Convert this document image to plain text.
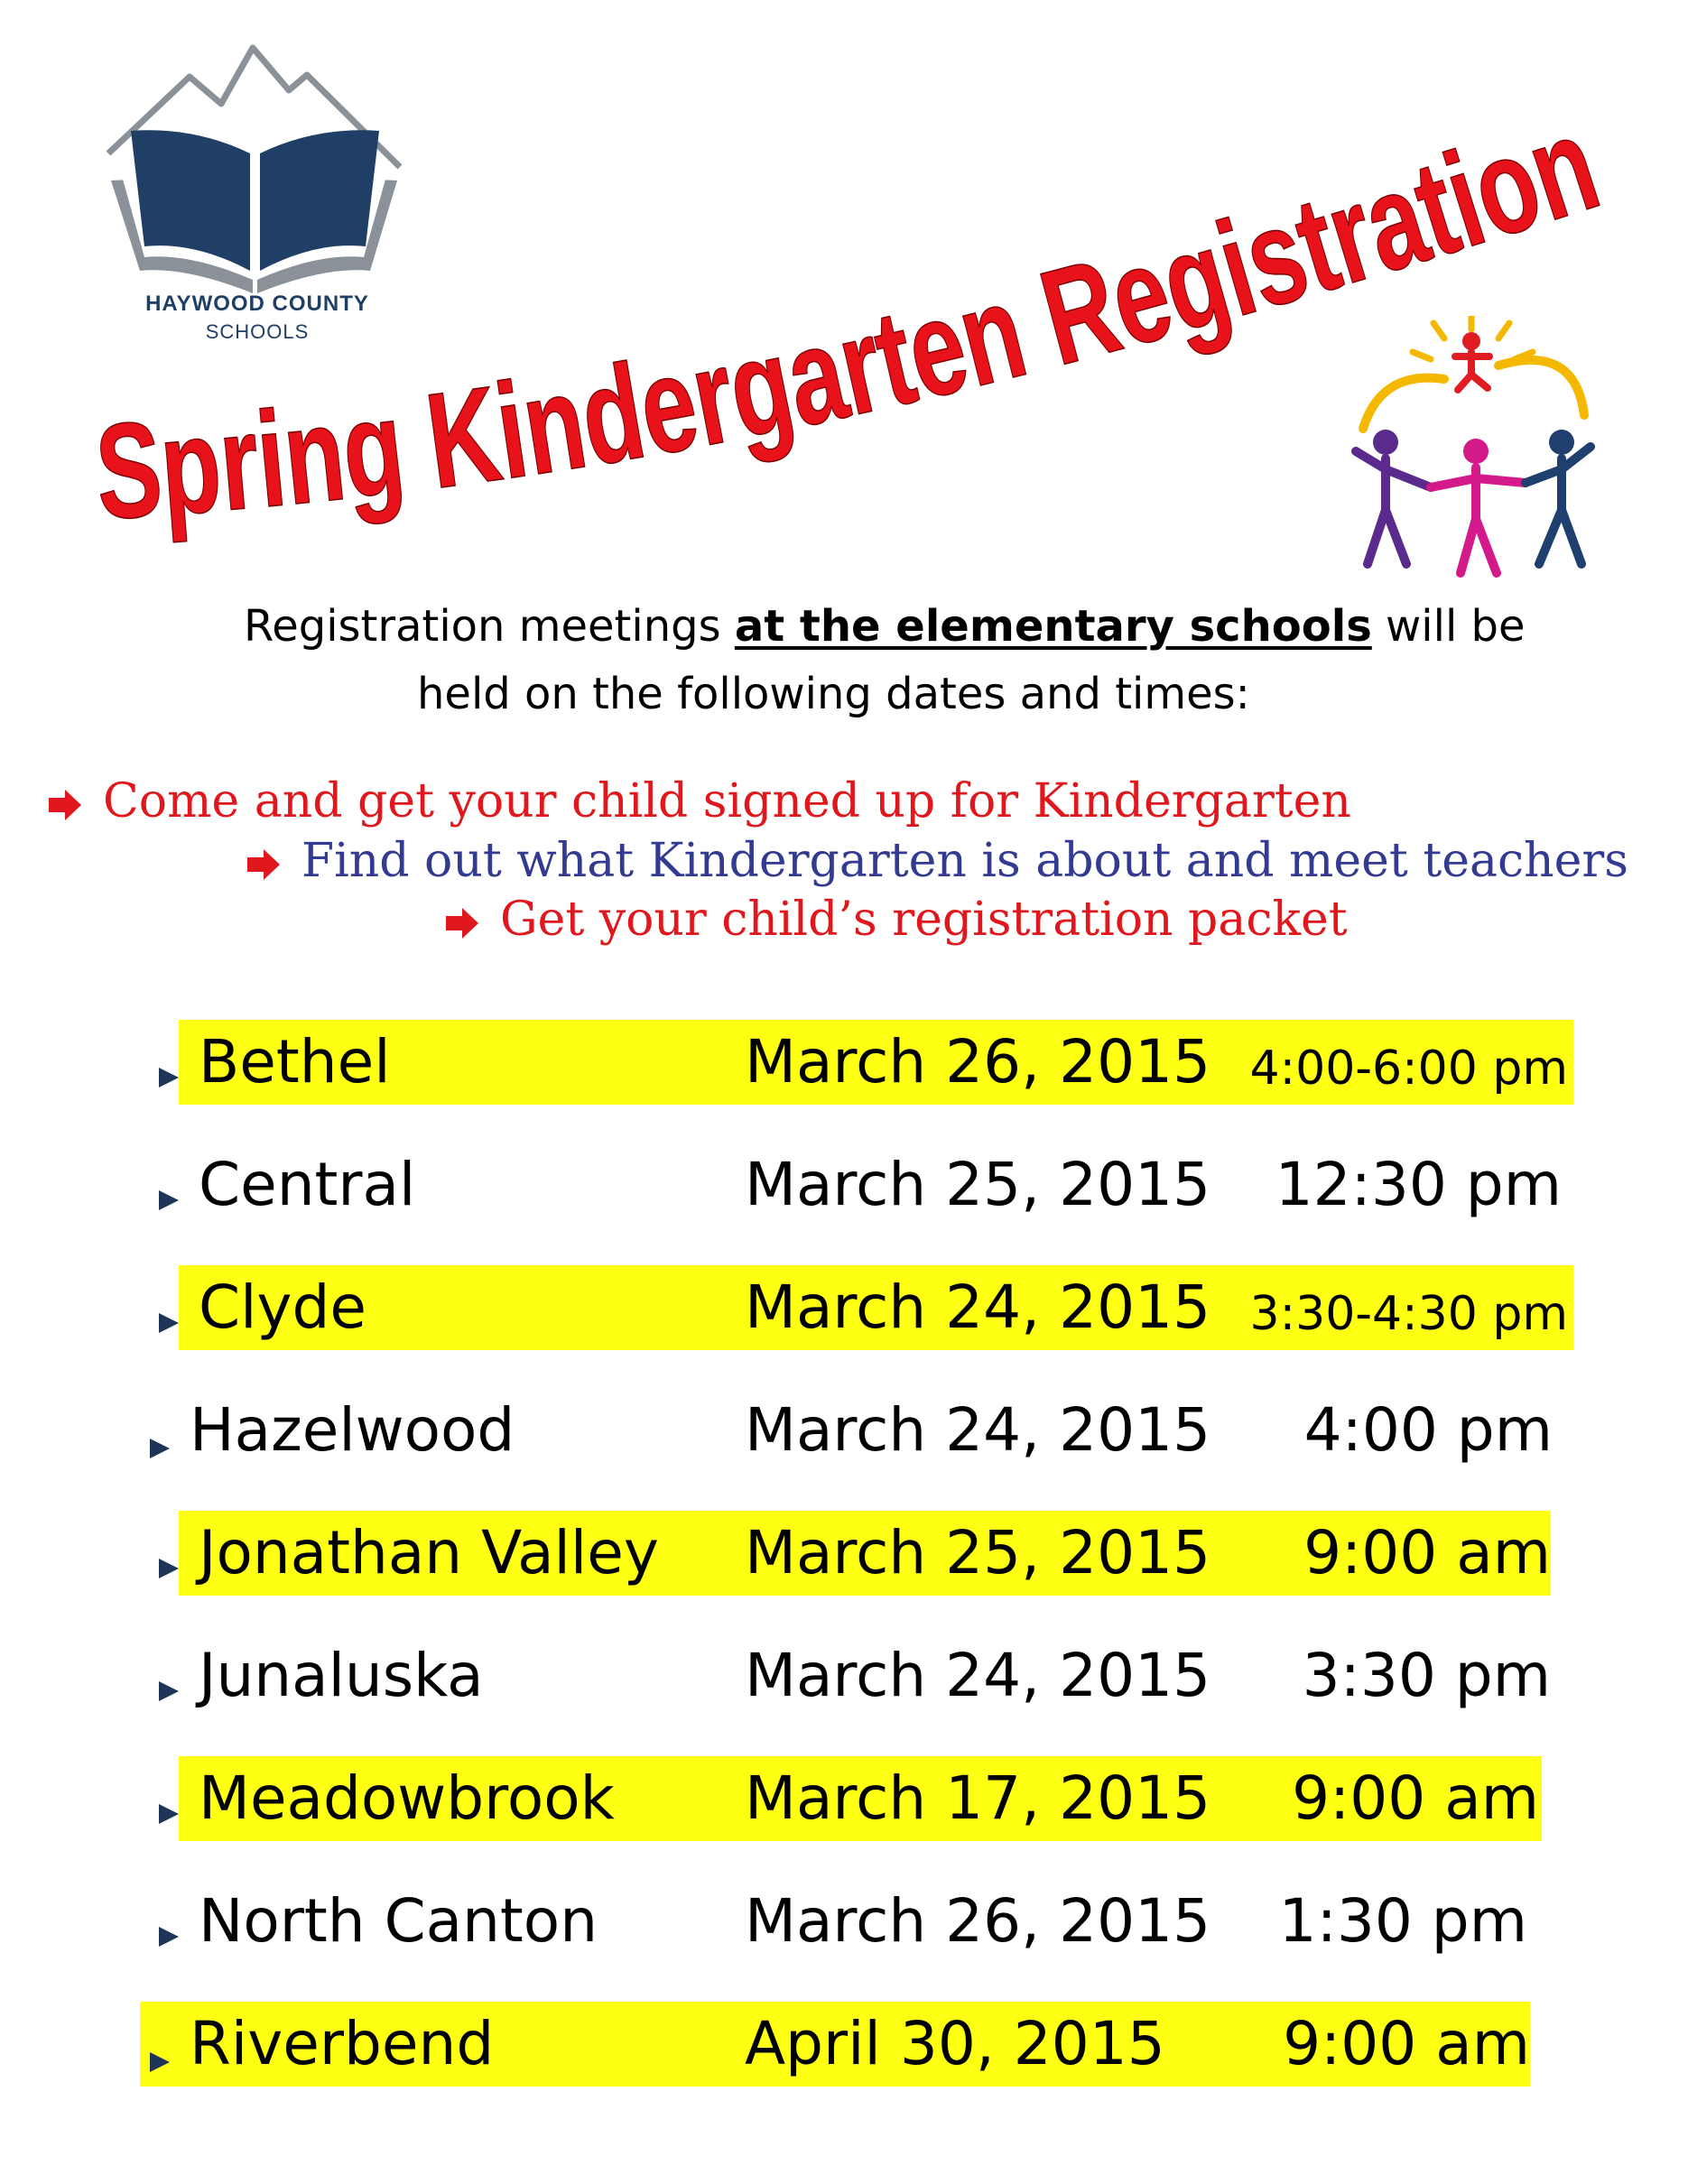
HAYWOOD COUNTY
SCHOOLS
Spring Kindergarten Registration
Registration meetings at the elementary schools will be
held on the following dates and times:
Come and get your child signed up for Kindergarten
Find out what Kindergarten is about and meet teachers
Get your child’s registration packet
Bethel	March 26, 2015 4:00-6:00 pm
Central	March 25, 2015 12:30 pm
Clyde	March 24, 2015 3:30-4:30 pm
Hazelwood	March 24, 2015 4:00 pm
Jonathan Valley March 25, 2015 9:00 am
Junaluska	March 24, 2015 3:30 pm
Meadowbrook March 17, 2015 9:00 am
North Canton March 26, 2015 1:30 pm
Riverbend	April 30, 2015 9:00 am
